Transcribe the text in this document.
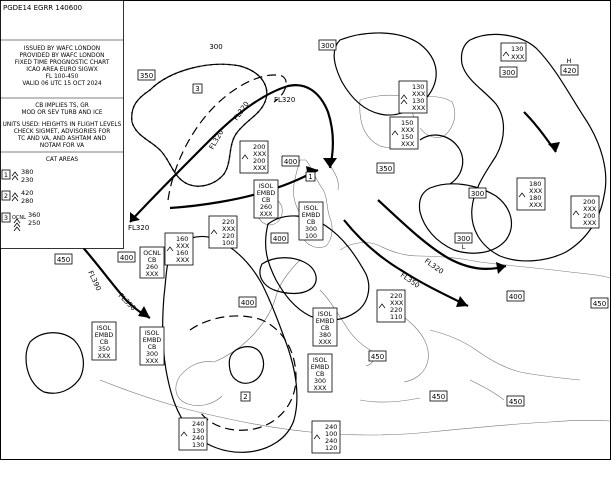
PGDE14 EGRR 140600
ISSUED BY WAFC LONDON
PROVIDED BY WAFC LONDON
FIXED TIME PROGNOSTIC CHART
ICAO AREA EURO SIGWX
FL 100-450
VALID 06 UTC 15 OCT 2024
CB IMPLIES TS, GR
MOD OR SEV TURB AND ICE
UNITS USED: HEIGHTS IN FLIGHT LEVELS
CHECK SIGMET, ADVISORIES FOR
TC AND VA, AND ASHTAM AND
NOTAM FOR VA
CAT AREAS
1 380
230
2 420
280
3 OCNL 360
250
3
1
2
350
400
400
350
300
450
400
400
400
450
450
450
450
300
300
300
300
L
H
420
FL320
FL320
FL320
FL320
FL390
FL390
FL350
FL320
130
XXX
130
XXX
130
XXX
150
XXX
150
XXX
200
XXX
200
XXX
180
XXX
180
XXX	200
XXX
200
XXX
220
XXX
220
100
160
XXX
160
XXX
220
XXX
220
110
240
130
240
130
240
100
240
120
ISOL
EMBD
CB
260
XXX
ISOL
EMBD
CB
300
100
OCNL
CB
260
XXX
ISOL
EMBD
CB
350
XXX
ISOL
EMBD
CB
300
XXX
ISOL
EMBD
CB
380
XXX
ISOL
EMBD
CB
300
XXX
